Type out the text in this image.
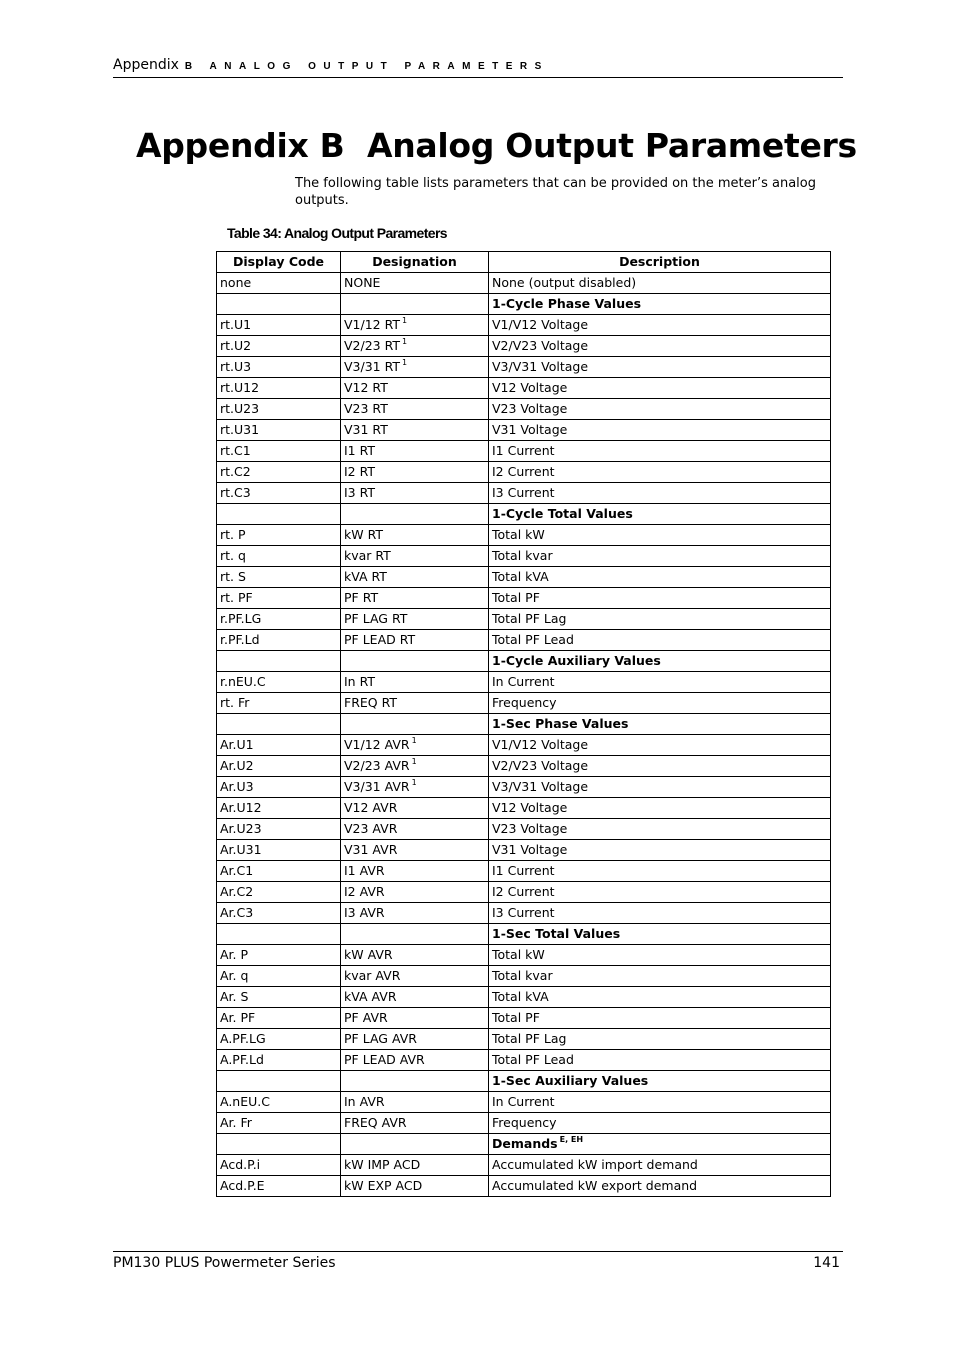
Appendix B ANALOG OUTPUT PARAMETERS
Appendix B Analog Output Parameters

The following table lists parameters that can be provided on the meter’s analog outputs.

Table 34: Analog Output Parameters

Display Code	Designation	Description
none	NONE	None (output disabled)
		1-Cycle Phase Values
rt.U1	V1/12 RT $^1$	V1/V12 Voltage
rt.U2	V2/23 RT $^1$	V2/V23 Voltage
rt.U3	V3/31 RT $^1$	V3/V31 Voltage
rt.U12	V12 RT	V12 Voltage
rt.U23	V23 RT	V23 Voltage
rt.U31	V31 RT	V31 Voltage
rt.C1	I1 RT	I1 Current
rt.C2	I2 RT	I2 Current
rt.C3	I3 RT	I3 Current
		1-Cycle Total Values
rt. P	kW RT	Total kW
rt. q	kvar RT	Total kvar
rt. S	kVA RT	Total kVA
rt. PF	PF RT	Total PF
r.PF.LG	PF LAG RT	Total PF Lag
r.PF.Ld	PF LEAD RT	Total PF Lead
		1-Cycle Auxiliary Values
r.nEU.C	In RT	In Current
rt. Fr	FREQ RT	Frequency
		1-Sec Phase Values
Ar.U1	V1/12 AVR $^1$	V1/V12 Voltage
Ar.U2	V2/23 AVR $^1$	V2/V23 Voltage
Ar.U3	V3/31 AVR $^1$	V3/V31 Voltage
Ar.U12	V12 AVR	V12 Voltage
Ar.U23	V23 AVR	V23 Voltage
Ar.U31	V31 AVR	V31 Voltage
Ar.C1	I1 AVR	I1 Current
Ar.C2	I2 AVR	I2 Current
Ar.C3	I3 AVR	I3 Current
		1-Sec Total Values
Ar. P	kW AVR	Total kW
Ar. q	kvar AVR	Total kvar
Ar. S	kVA AVR	Total kVA
Ar. PF	PF AVR	Total PF
A.PF.LG	PF LAG AVR	Total PF Lag
A.PF.Ld	PF LEAD AVR	Total PF Lead
		1-Sec Auxiliary Values
A.nEU.C	In AVR	In Current
Ar. Fr	FREQ AVR	Frequency
		Demands $^{E, EH}$
Acd.P.i	kW IMP ACD	Accumulated kW import demand
Acd.P.E	kW EXP ACD	Accumulated kW export demand
PM130 PLUS Powermeter Series	141
